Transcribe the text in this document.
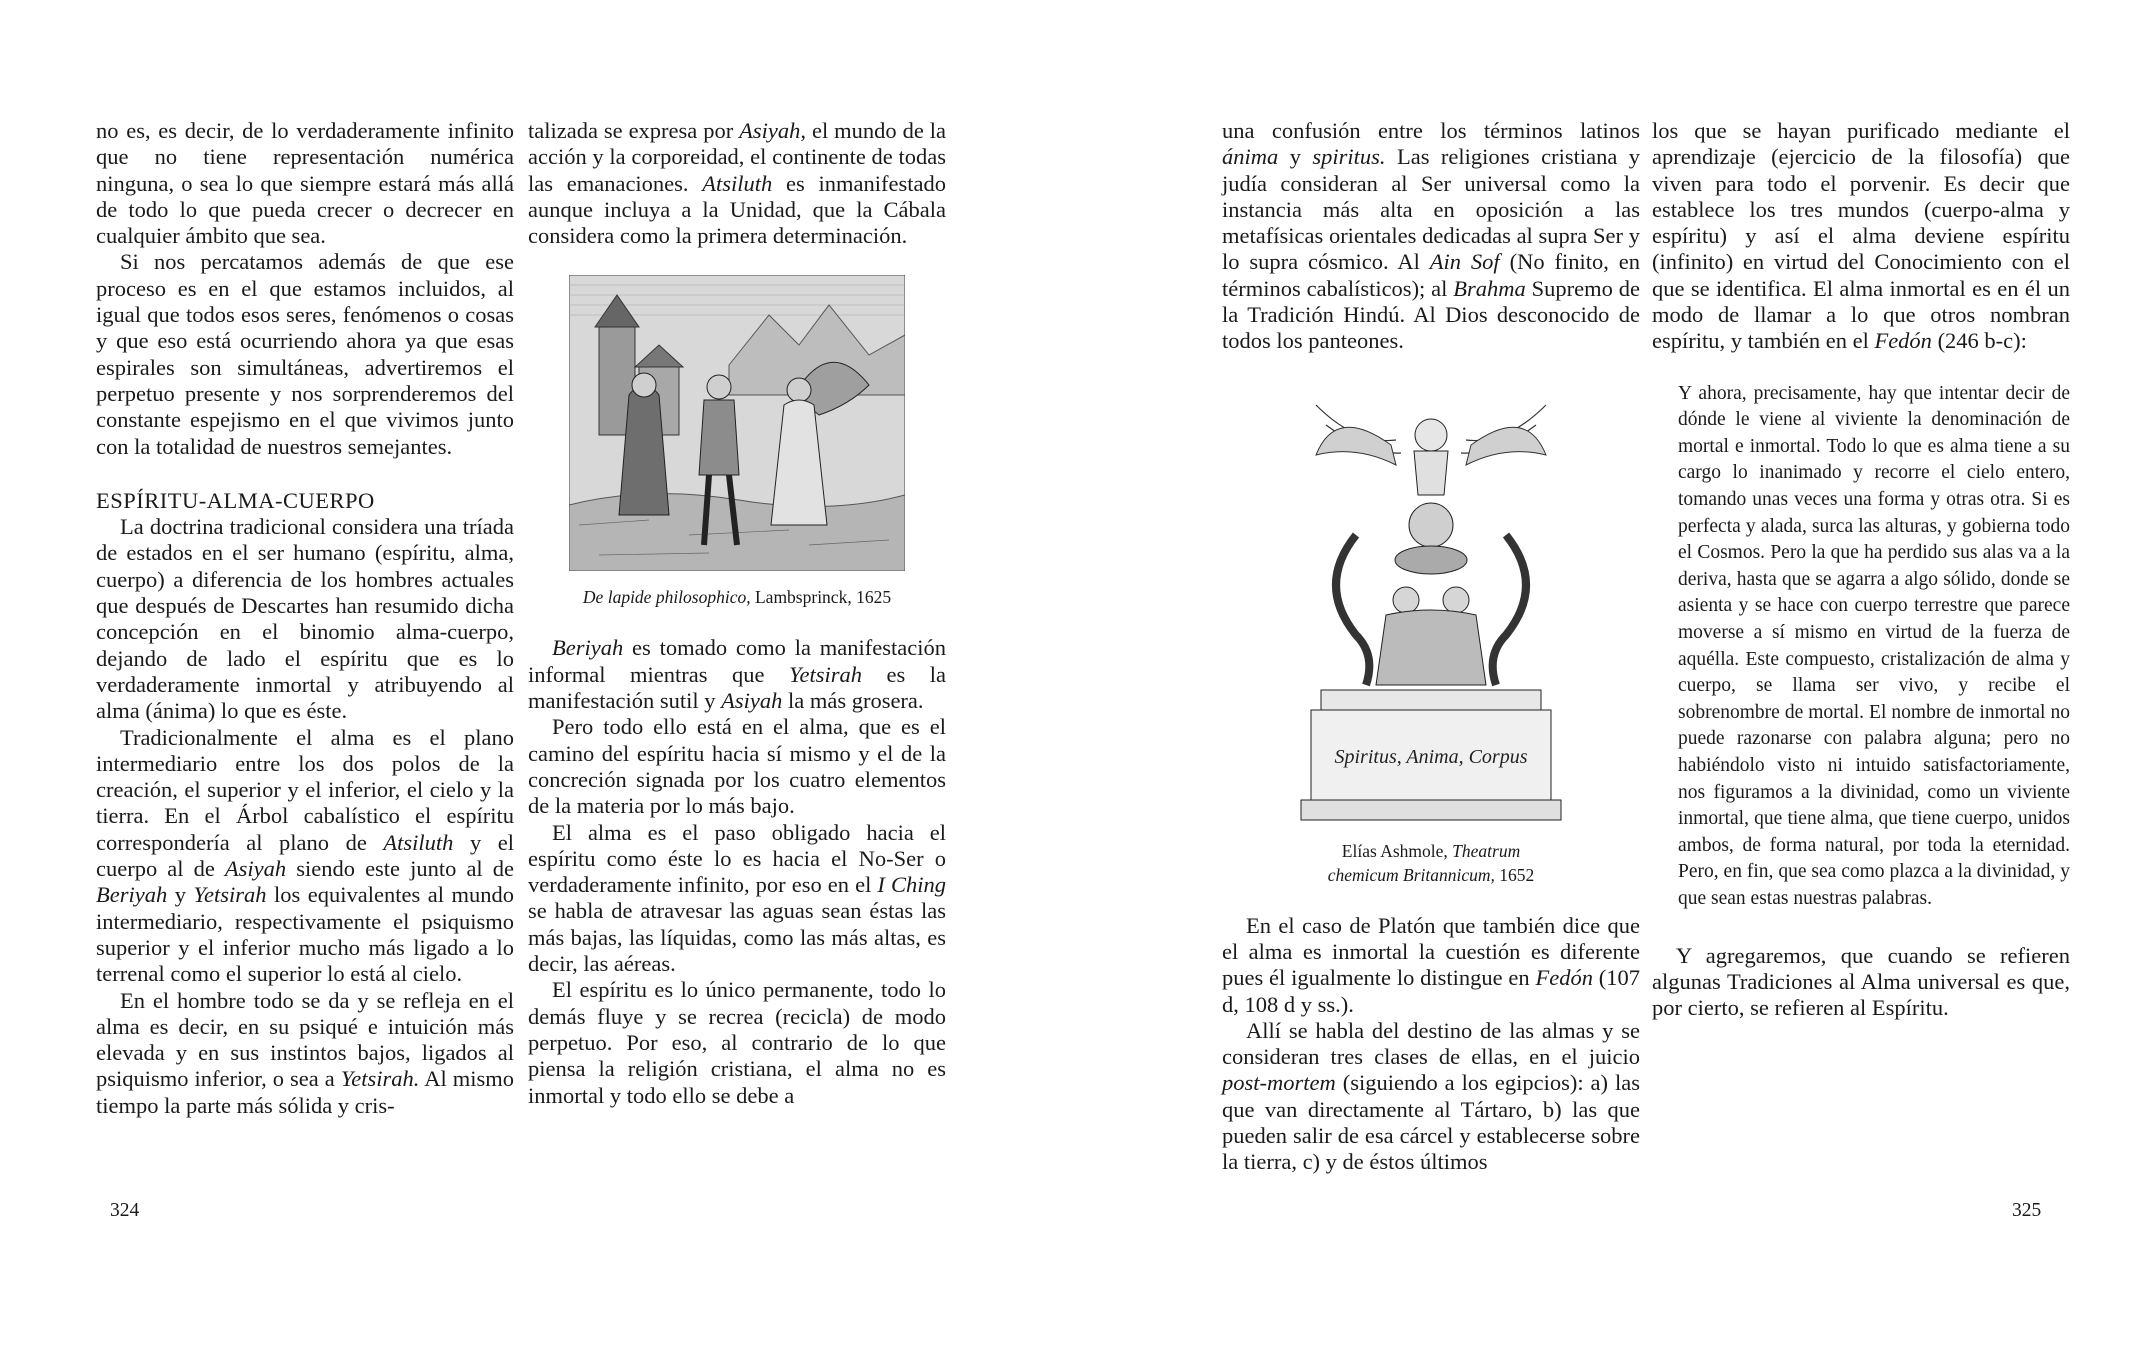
no es, es decir, de lo verdaderamente infinito que no tiene representación numérica ninguna, o sea lo que siempre estará más allá de todo lo que pueda crecer o decrecer en cualquier ámbito que sea.

Si nos percatamos además de que ese proceso es en el que estamos incluidos, al igual que todos esos seres, fenómenos o cosas y que eso está ocurriendo ahora ya que esas espirales son simultáneas, advertiremos el perpetuo presente y nos sorprenderemos del constante espejismo en el que vivimos junto con la totalidad de nuestros semejantes.

ESPÍRITU-ALMA-CUERPO

La doctrina tradicional considera una tríada de estados en el ser humano (espíritu, alma, cuerpo) a diferencia de los hombres actuales que después de Descartes han resumido dicha concepción en el binomio alma-cuerpo, dejando de lado el espíritu que es lo verdaderamente inmortal y atribuyendo al alma (ánima) lo que es éste.

Tradicionalmente el alma es el plano intermediario entre los dos polos de la creación, el superior y el inferior, el cielo y la tierra. En el Árbol cabalístico el espíritu correspondería al plano de Atsiluth y el cuerpo al de Asiyah siendo este junto al de Beriyah y Yetsirah los equivalentes al mundo intermediario, respectivamente el psiquismo superior y el inferior mucho más ligado a lo terrenal como el superior lo está al cielo.

En el hombre todo se da y se refleja en el alma es decir, en su psiqué e intuición más elevada y en sus instintos bajos, ligados al psiquismo inferior, o sea a Yetsirah. Al mismo tiempo la parte más sólida y cris-

talizada se expresa por Asiyah, el mundo de la acción y la corporeidad, el continente de todas las emanaciones. Atsiluth es inmanifestado aunque incluya a la Unidad, que la Cábala considera como la primera determinación.

De lapide philosophico, Lambsprinck, 1625

Beriyah es tomado como la manifestación informal mientras que Yetsirah es la manifestación sutil y Asiyah la más grosera.

Pero todo ello está en el alma, que es el camino del espíritu hacia sí mismo y el de la concreción signada por los cuatro elementos de la materia por lo más bajo.

El alma es el paso obligado hacia el espíritu como éste lo es hacia el No-Ser o verdaderamente infinito, por eso en el I Ching se habla de atravesar las aguas sean éstas las más bajas, las líquidas, como las más altas, es decir, las aéreas.

El espíritu es lo único permanente, todo lo demás fluye y se recrea (recicla) de modo perpetuo. Por eso, al contrario de lo que piensa la religión cristiana, el alma no es inmortal y todo ello se debe a

324

una confusión entre los términos latinos ánima y spiritus. Las religiones cristiana y judía consideran al Ser universal como la instancia más alta en oposición a las metafísicas orientales dedicadas al supra Ser y lo supra cósmico. Al Ain Sof (No finito, en términos cabalísticos); al Brahma Supremo de la Tradición Hindú. Al Dios desconocido de todos los panteones.

Spiritus, Anima, Corpus
Elías Ashmole, Theatrum
chemicum Britannicum, 1652

En el caso de Platón que también dice que el alma es inmortal la cuestión es diferente pues él igualmente lo distingue en Fedón (107 d, 108 d y ss.).

Allí se habla del destino de las almas y se consideran tres clases de ellas, en el juicio post-mortem (siguiendo a los egipcios): a) las que van directamente al Tártaro, b) las que pueden salir de esa cárcel y establecerse sobre la tierra, c) y de éstos últimos

los que se hayan purificado mediante el aprendizaje (ejercicio de la filosofía) que viven para todo el porvenir. Es decir que establece los tres mundos (cuerpo-alma y espíritu) y así el alma deviene espíritu (infinito) en virtud del Conocimiento con el que se identifica. El alma inmortal es en él un modo de llamar a lo que otros nombran espíritu, y también en el Fedón (246 b-c):

Y ahora, precisamente, hay que intentar decir de dónde le viene al viviente la denominación de mortal e inmortal. Todo lo que es alma tiene a su cargo lo inanimado y recorre el cielo entero, tomando unas veces una forma y otras otra. Si es perfecta y alada, surca las alturas, y gobierna todo el Cosmos. Pero la que ha perdido sus alas va a la deriva, hasta que se agarra a algo sólido, donde se asienta y se hace con cuerpo terrestre que parece moverse a sí mismo en virtud de la fuerza de aquélla. Este compuesto, cristalización de alma y cuerpo, se llama ser vivo, y recibe el sobrenombre de mortal. El nombre de inmortal no puede razonarse con palabra alguna; pero no habiéndolo visto ni intuido satisfactoriamente, nos figuramos a la divinidad, como un viviente inmortal, que tiene alma, que tiene cuerpo, unidos ambos, de forma natural, por toda la eternidad. Pero, en fin, que sea como plazca a la divinidad, y que sean estas nuestras palabras.

Y agregaremos, que cuando se refieren algunas Tradiciones al Alma universal es que, por cierto, se refieren al Espíritu.

325
